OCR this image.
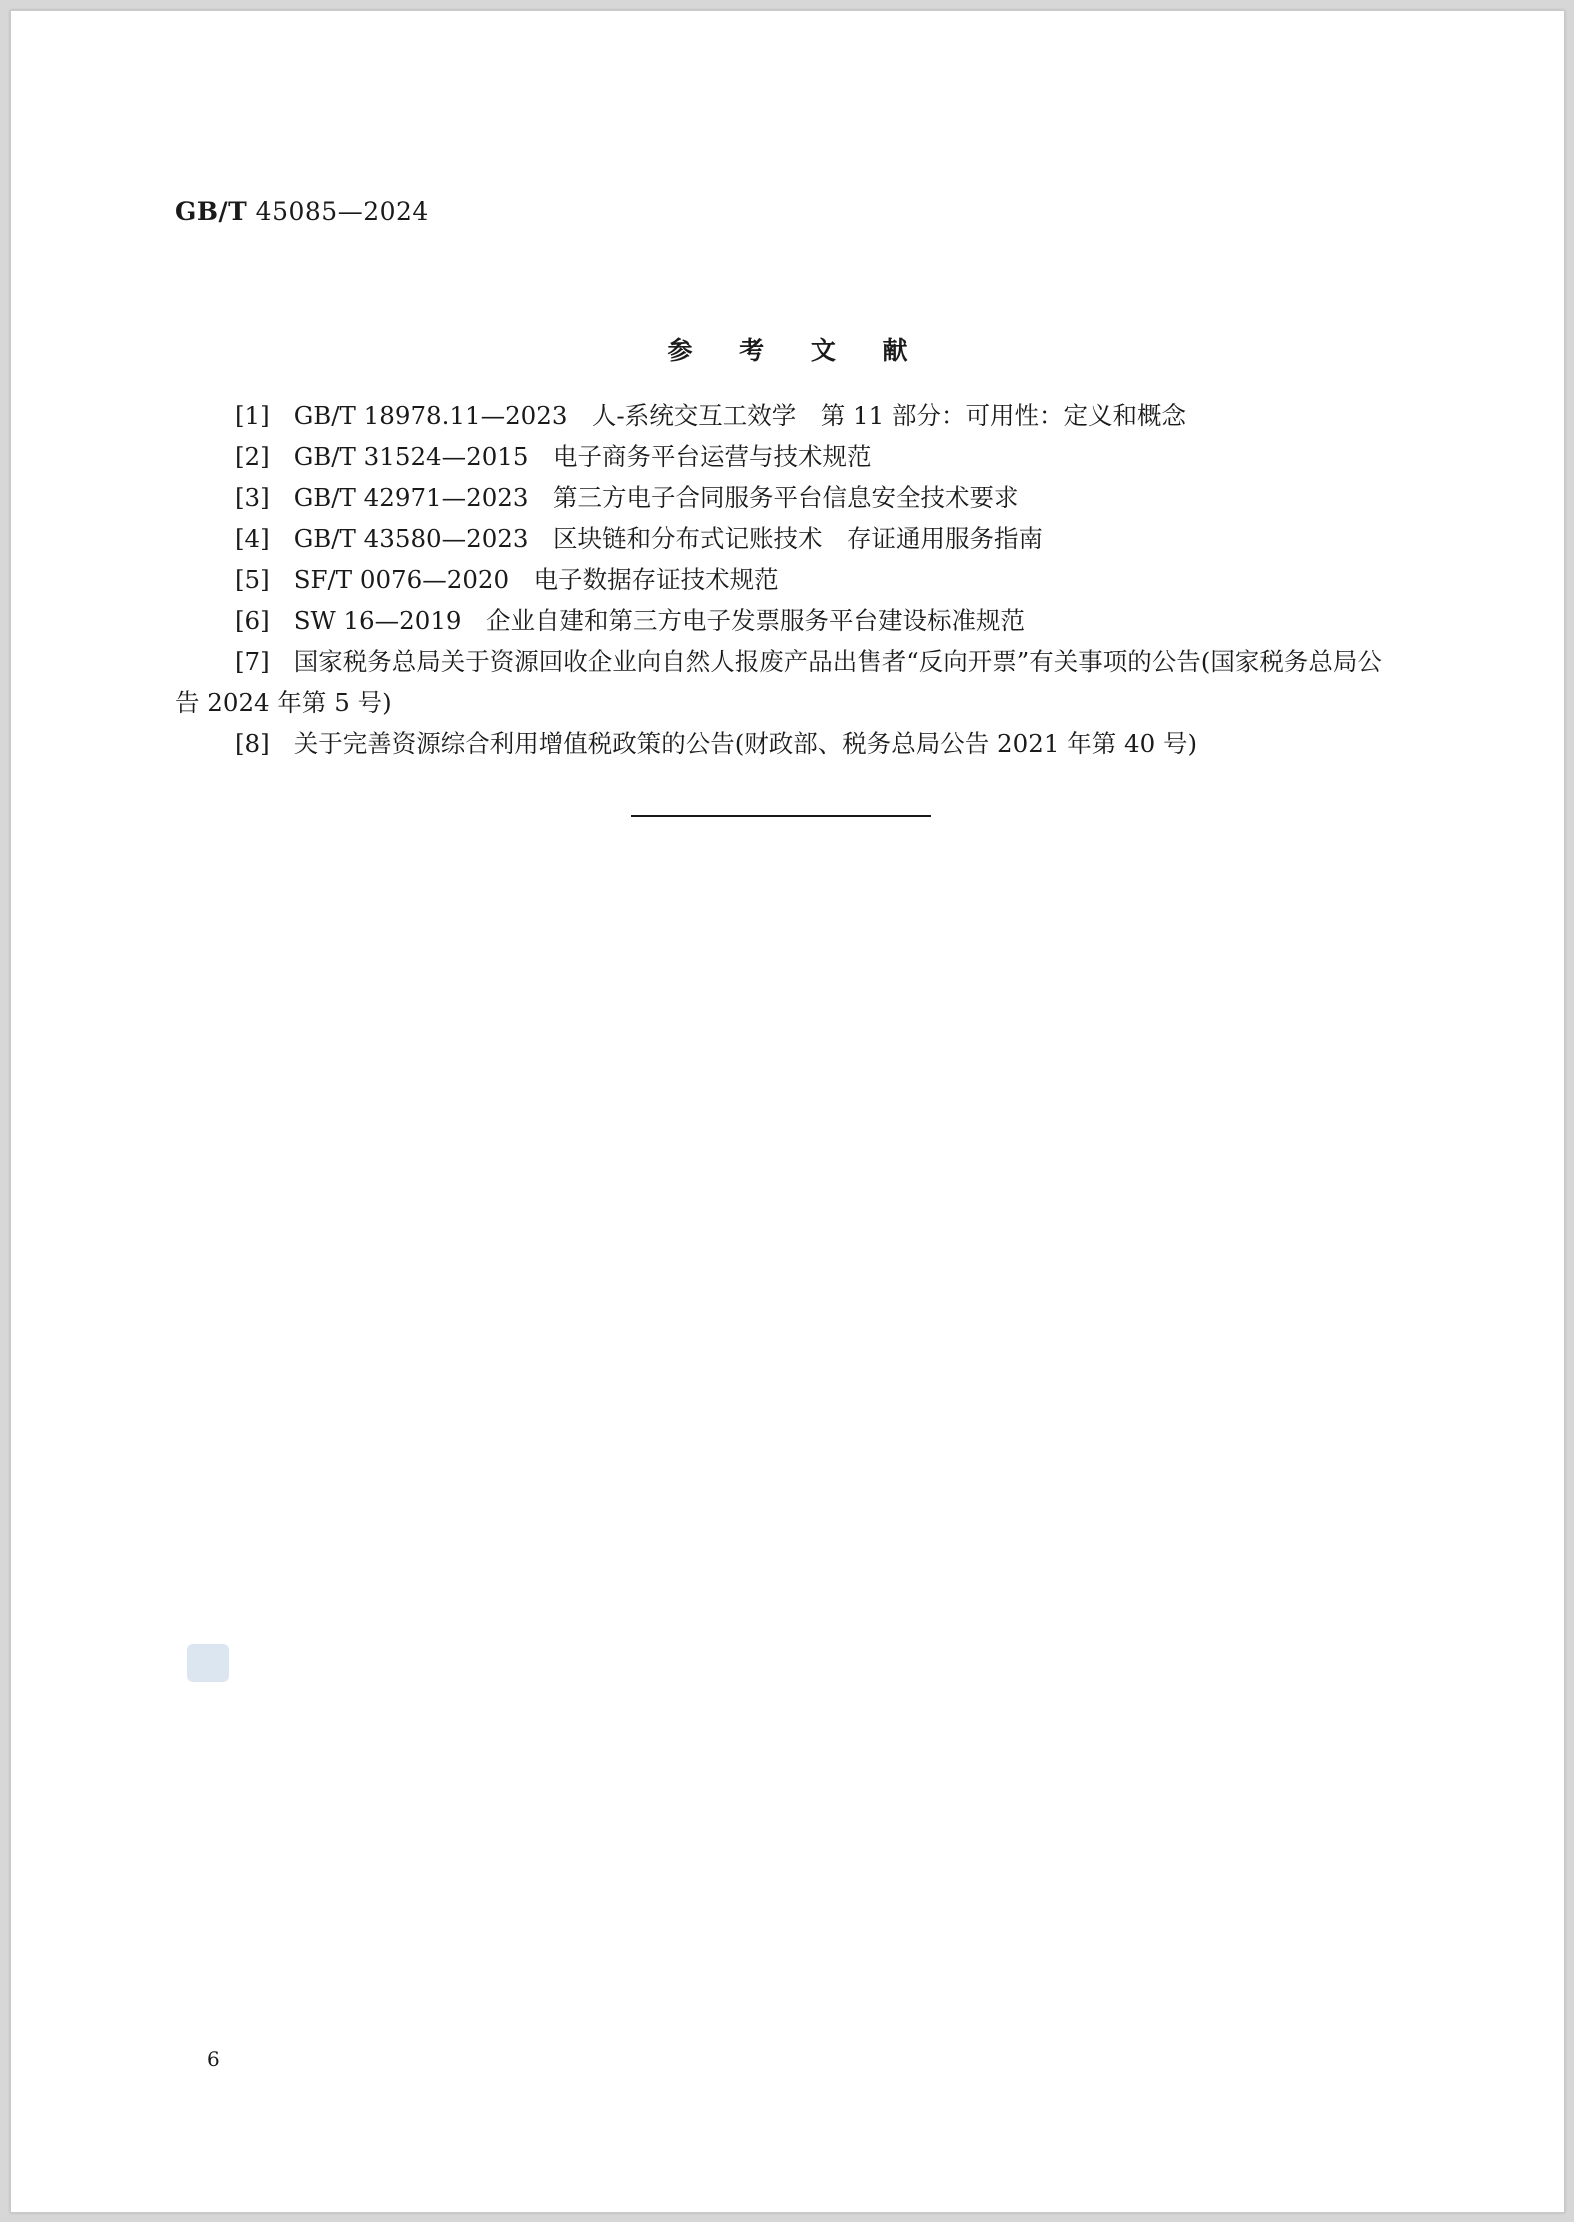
GB/T 45085—2024
参 考 文 献

[1] GB/T 18978.11—2023　人-系统交互工效学　第 11 部分：可用性：定义和概念

[2] GB/T 31524—2015　电子商务平台运营与技术规范

[3] GB/T 42971—2023　第三方电子合同服务平台信息安全技术要求

[4] GB/T 43580—2023　区块链和分布式记账技术　存证通用服务指南

[5] SF/T 0076—2020　电子数据存证技术规范

[6] SW 16—2019　企业自建和第三方电子发票服务平台建设标准规范

[7] 国家税务总局关于资源回收企业向自然人报废产品出售者“反向开票”有关事项的公告(国家税务总局公告 2024 年第 5 号)

[8] 关于完善资源综合利用增值税政策的公告(财政部、税务总局公告 2021 年第 40 号)

6
